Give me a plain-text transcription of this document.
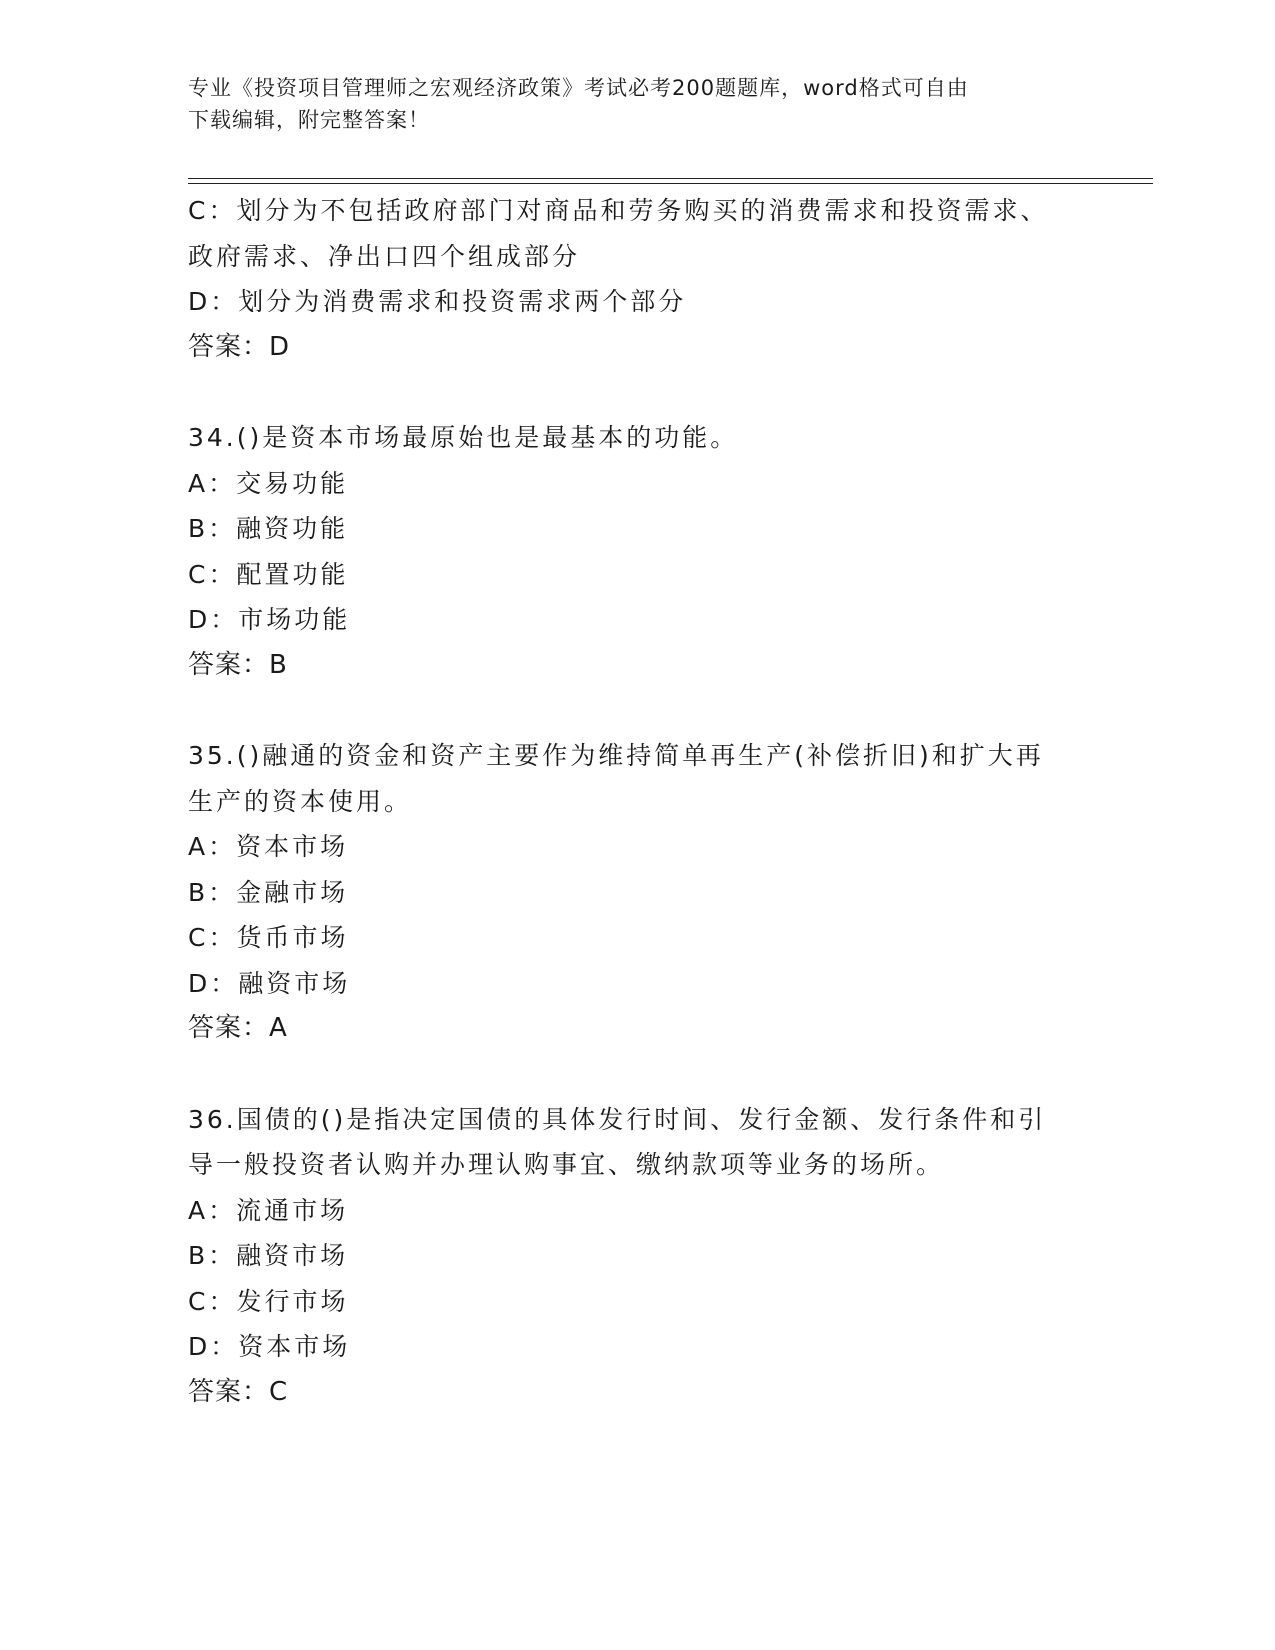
专业《投资项目管理师之宏观经济政策》考试必考200题题库，word格式可自由
下载编辑，附完整答案！
C：划分为不包括政府部门对商品和劳务购买的消费需求和投资需求、
政府需求、净出口四个组成部分
D：划分为消费需求和投资需求两个部分
答案：D
34.()是资本市场最原始也是最基本的功能。
A：交易功能
B：融资功能
C：配置功能
D：市场功能
答案：B
35.()融通的资金和资产主要作为维持简单再生产(补偿折旧)和扩大再
生产的资本使用。
A：资本市场
B：金融市场
C：货币市场
D：融资市场
答案：A
36.国债的()是指决定国债的具体发行时间、发行金额、发行条件和引
导一般投资者认购并办理认购事宜、缴纳款项等业务的场所。
A：流通市场
B：融资市场
C：发行市场
D：资本市场
答案：C
